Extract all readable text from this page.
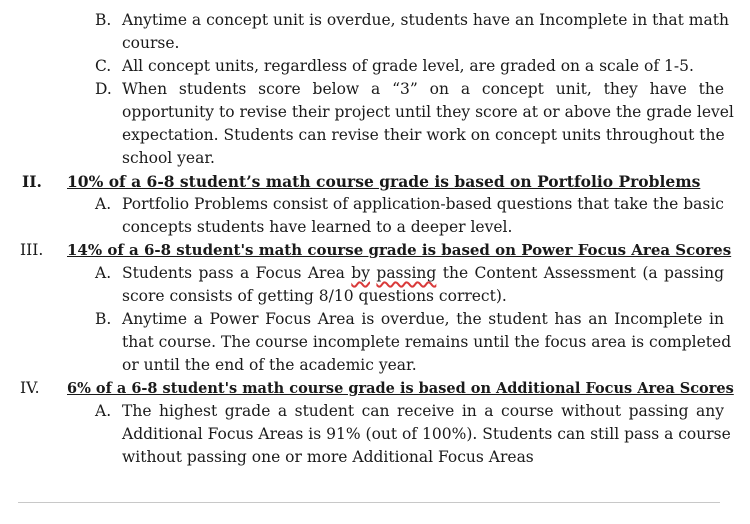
B. Anytime a concept unit is overdue, students have an Incomplete in that math
course.
C. All concept units, regardless of grade level, are graded on a scale of 1-5.
D. When students score below a “3” on a concept unit, they have the
opportunity to revise their project until they score at or above the grade level
expectation. Students can revise their work on concept units throughout the
school year.
II. 10% of a 6-8 student’s math course grade is based on Portfolio Problems
A. Portfolio Problems consist of application-based questions that take the basic
concepts students have learned to a deeper level.
III. 14% of a 6-8 student's math course grade is based on Power Focus Area Scores
A. Students pass a Focus Area by passing the Content Assessment (a passing
score consists of getting 8/10 questions correct).
B. Anytime a Power Focus Area is overdue, the student has an Incomplete in
that course. The course incomplete remains until the focus area is completed
or until the end of the academic year.
IV. 6% of a 6-8 student's math course grade is based on Additional Focus Area Scores
A. The highest grade a student can receive in a course without passing any
Additional Focus Areas is 91% (out of 100%). Students can still pass a course
without passing one or more Additional Focus Areas
